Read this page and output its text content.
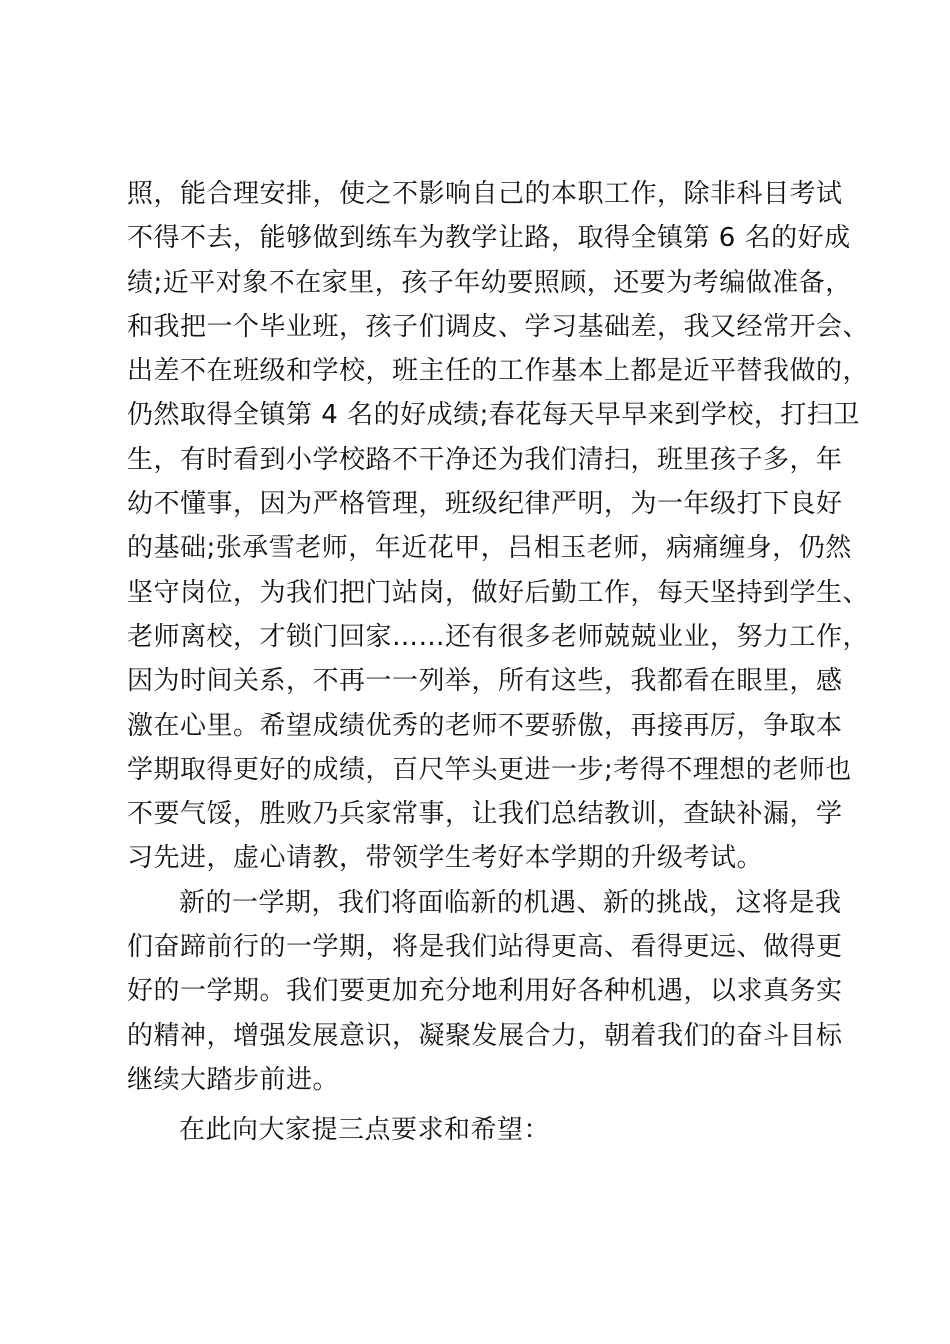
照，能合理安排，使之不影响自己的本职工作，除非科目考试
不得不去，能够做到练车为教学让路，取得全镇第 6 名的好成
绩;近平对象不在家里，孩子年幼要照顾，还要为考编做准备，
和我把一个毕业班，孩子们调皮、学习基础差，我又经常开会、
出差不在班级和学校，班主任的工作基本上都是近平替我做的，
仍然取得全镇第 4 名的好成绩;春花每天早早来到学校，打扫卫
生，有时看到小学校路不干净还为我们清扫，班里孩子多，年
幼不懂事，因为严格管理，班级纪律严明，为一年级打下良好
的基础;张承雪老师，年近花甲，吕相玉老师，病痛缠身，仍然
坚守岗位，为我们把门站岗，做好后勤工作，每天坚持到学生、
老师离校，才锁门回家……还有很多老师兢兢业业，努力工作，
因为时间关系，不再一一列举，所有这些，我都看在眼里，感
激在心里。希望成绩优秀的老师不要骄傲，再接再厉，争取本
学期取得更好的成绩，百尺竿头更进一步;考得不理想的老师也
不要气馁，胜败乃兵家常事，让我们总结教训，查缺补漏，学
习先进，虚心请教，带领学生考好本学期的升级考试。
新的一学期，我们将面临新的机遇、新的挑战，这将是我
们奋蹄前行的一学期，将是我们站得更高、看得更远、做得更
好的一学期。我们要更加充分地利用好各种机遇，以求真务实
的精神，增强发展意识，凝聚发展合力，朝着我们的奋斗目标
继续大踏步前进。
在此向大家提三点要求和希望：
